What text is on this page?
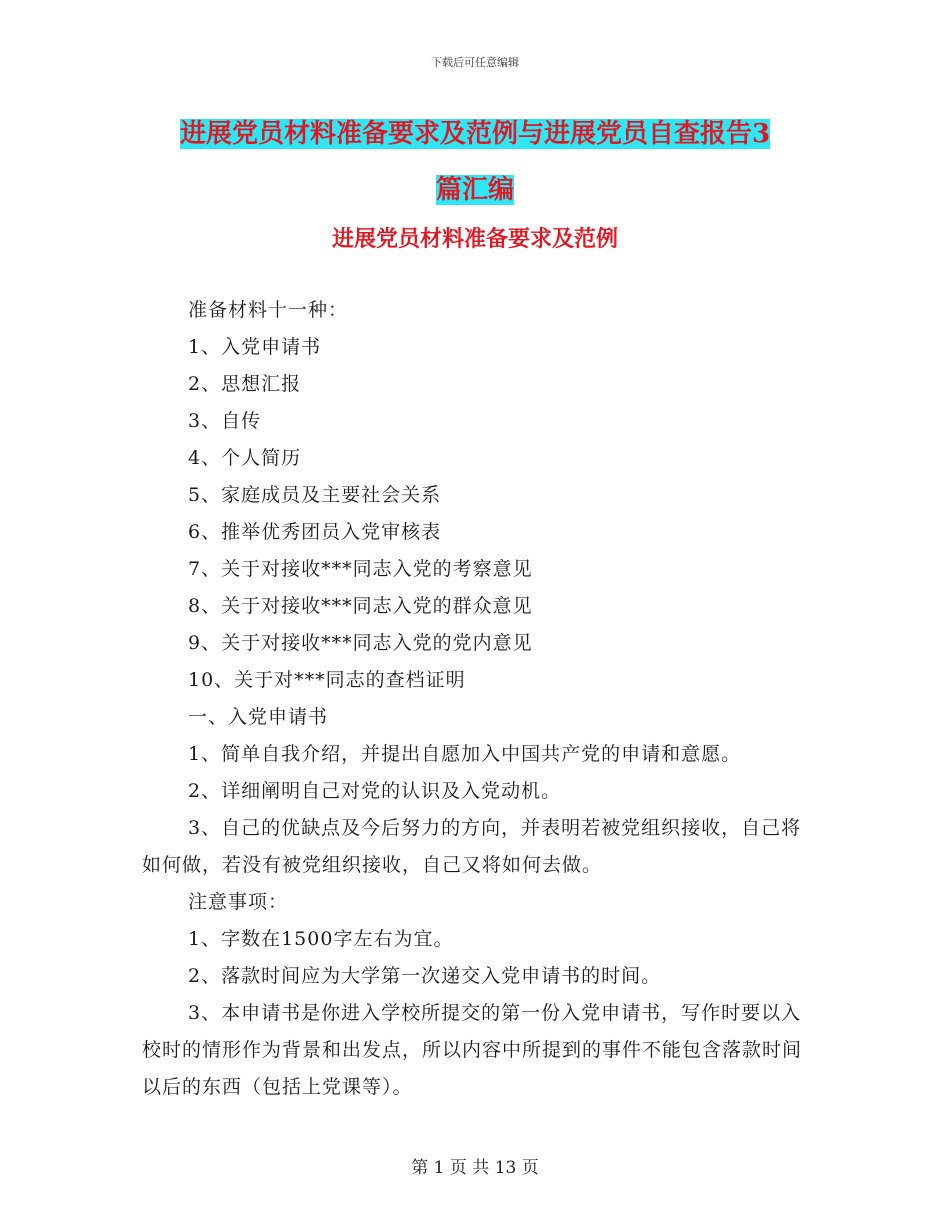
下载后可任意编辑
进展党员材料准备要求及范例与进展党员自查报告3
篇汇编
进展党员材料准备要求及范例

准备材料十一种：

1、入党申请书

2、思想汇报

3、自传

4、个人简历

5、家庭成员及主要社会关系

6、推举优秀团员入党审核表

7、关于对接收***同志入党的考察意见

8、关于对接收***同志入党的群众意见

9、关于对接收***同志入党的党内意见

10、关于对***同志的查档证明

一、入党申请书

1、简单自我介绍，并提出自愿加入中国共产党的申请和意愿。

2、详细阐明自己对党的认识及入党动机。

3、自己的优缺点及今后努力的方向，并表明若被党组织接收，自己将如何做，若没有被党组织接收，自己又将如何去做。

注意事项：

1、字数在1500字左右为宜。

2、落款时间应为大学第一次递交入党申请书的时间。

3、本申请书是你进入学校所提交的第一份入党申请书，写作时要以入校时的情形作为背景和出发点，所以内容中所提到的事件不能包含落款时间以后的东西（包括上党课等）。

第 1 页 共 13 页
